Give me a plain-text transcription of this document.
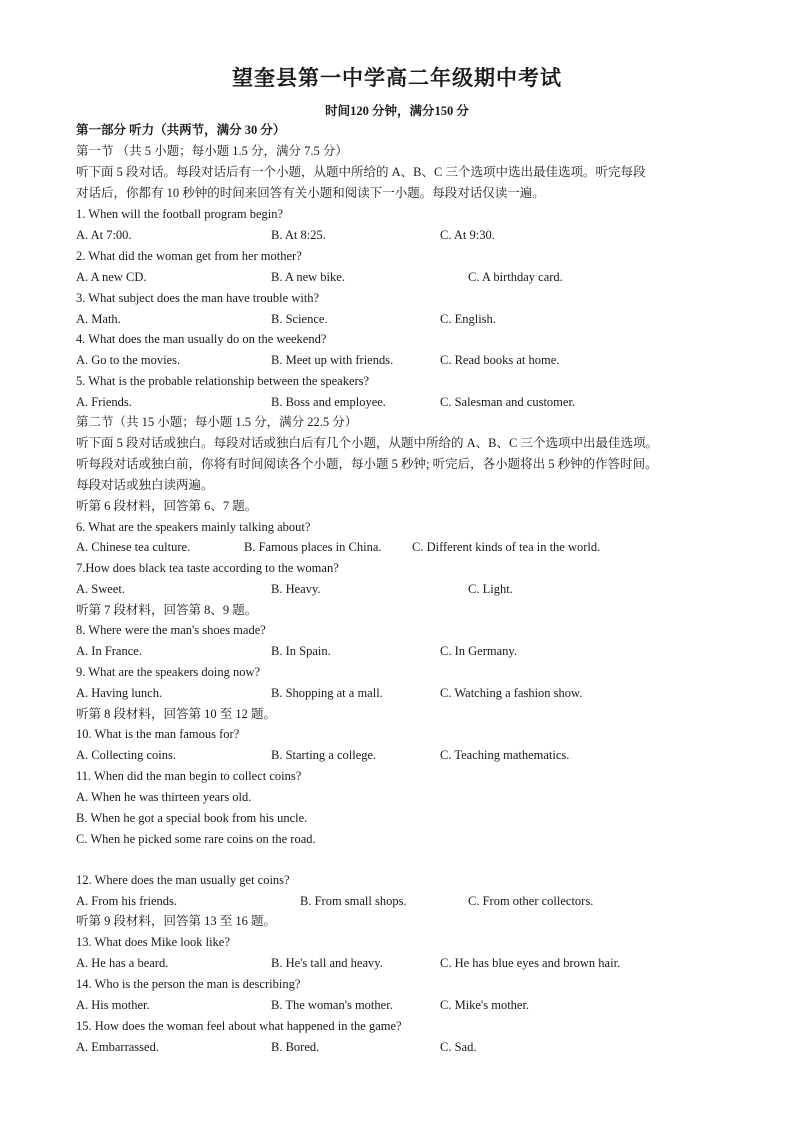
望奎县第一中学高二年级期中考试
时间120 分钟，满分150 分
第一部分 听力（共两节，满分 30 分）
第一节 （共 5 小题；每小题 1.5 分，满分 7.5 分）
听下面 5 段对话。每段对话后有一个小题，从题中所给的 A、B、C 三个选项中选出最佳选项。听完每段
对话后，你都有 10 秒钟的时间来回答有关小题和阅读下一小题。每段对话仅读一遍。
1. When will the football program begin?
A. At 7:00.	B. At 8:25.	C. At 9:30.
2. What did the woman get from her mother?
A. A new CD.	B. A new bike.	C. A birthday card.
3. What subject does the man have trouble with?
A. Math.	B. Science.	C. English.
4. What does the man usually do on the weekend?
A. Go to the movies.	B. Meet up with friends.	C. Read books at home.
5. What is the probable relationship between the speakers?
A. Friends.	B. Boss and employee.	C. Salesman and customer.
第二节（共 15 小题；每小题 1.5 分，满分 22.5 分）
听下面 5 段对话或独白。每段对话或独白后有几个小题，从题中所给的 A、B、C 三个选项中出最佳选项。
听每段对话或独白前，你将有时间阅读各个小题，每小题 5 秒钟; 听完后，各小题将出 5 秒钟的作答时间。
每段对话或独白读两遍。
听第 6 段材料，回答第 6、7 题。
6. What are the speakers mainly talking about?
A. Chinese tea culture.	B. Famous places in China. C. Different kinds of tea in the world.
7.How does black tea taste according to the woman?
A. Sweet.	B. Heavy.	C. Light.
听第 7 段材料，回答第 8、9 题。
8. Where were the man's shoes made?
A. In France.	B. In Spain.	C. In Germany.
9. What are the speakers doing now?
A. Having lunch.	B. Shopping at a mall.	C. Watching a fashion show.
听第 8 段材料，回答第 10 至 12 题。
10. What is the man famous for?
A. Collecting coins.	B. Starting a college.	C. Teaching mathematics.
11. When did the man begin to collect coins?
A. When he was thirteen years old.
B. When he got a special book from his uncle.
C. When he picked some rare coins on the road.
12. Where does the man usually get coins?
A. From his friends.	B. From small shops.	C. From other collectors.
听第 9 段材料，回答第 13 至 16 题。
13. What does Mike look like?
A. He has a beard.	B. He's tall and heavy.	C. He has blue eyes and brown hair.
14. Who is the person the man is describing?
A. His mother.	B. The woman's mother.	C. Mike's mother.
15. How does the woman feel about what happened in the game?
A. Embarrassed.	B. Bored.	C. Sad.
